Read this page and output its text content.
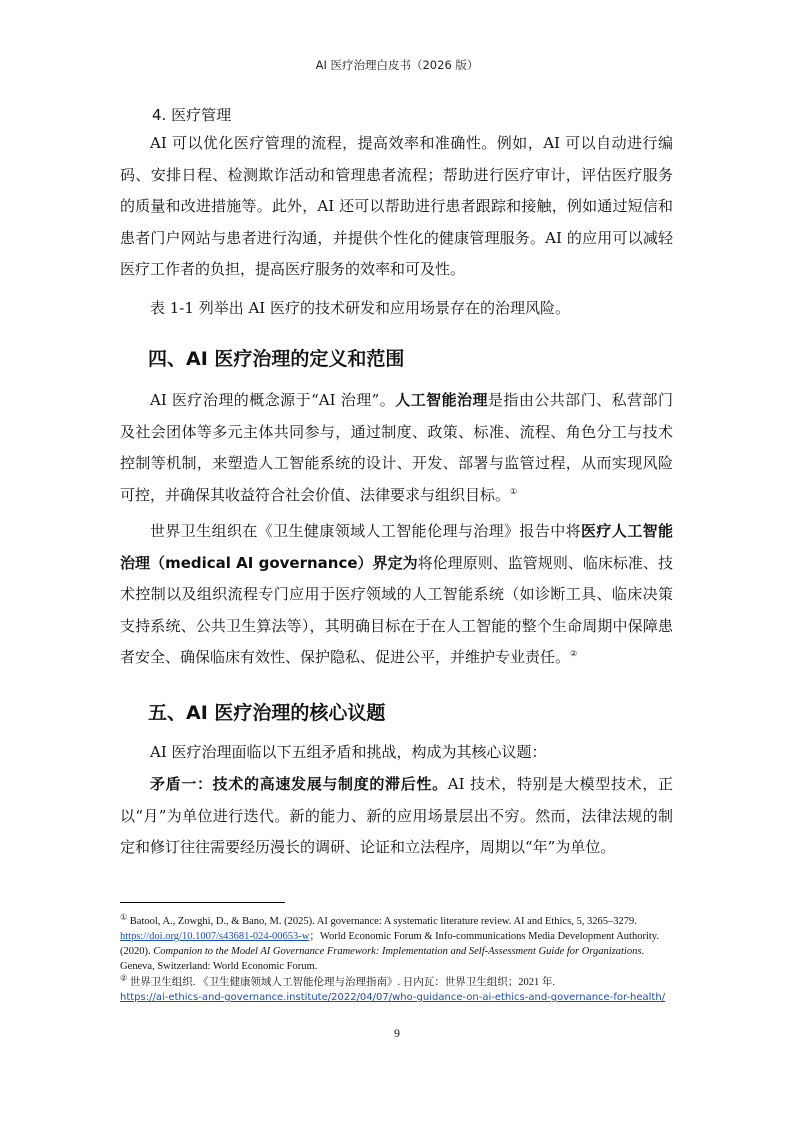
AI 医疗治理白皮书（2026 版）
4. 医疗管理

AI 可以优化医疗管理的流程，提高效率和准确性。例如，AI 可以自动进行编码、安排日程、检测欺诈活动和管理患者流程；帮助进行医疗审计，评估医疗服务的质量和改进措施等。此外，AI 还可以帮助进行患者跟踪和接触，例如通过短信和患者门户网站与患者进行沟通，并提供个性化的健康管理服务。AI 的应用可以减轻医疗工作者的负担，提高医疗服务的效率和可及性。

表 1-1 列举出 AI 医疗的技术研发和应用场景存在的治理风险。

四、AI 医疗治理的定义和范围

AI 医疗治理的概念源于“AI 治理”。人工智能治理是指由公共部门、私营部门及社会团体等多元主体共同参与，通过制度、政策、标准、流程、角色分工与技术控制等机制，来塑造人工智能系统的设计、开发、部署与监管过程，从而实现风险可控，并确保其收益符合社会价值、法律要求与组织目标。①

世界卫生组织在《卫生健康领域人工智能伦理与治理》报告中将医疗人工智能治理（medical AI governance）界定为将伦理原则、监管规则、临床标准、技术控制以及组织流程专门应用于医疗领域的人工智能系统（如诊断工具、临床决策支持系统、公共卫生算法等），其明确目标在于在人工智能的整个生命周期中保障患者安全、确保临床有效性、保护隐私、促进公平，并维护专业责任。②

五、AI 医疗治理的核心议题

AI 医疗治理面临以下五组矛盾和挑战，构成为其核心议题：

矛盾一：技术的高速发展与制度的滞后性。AI 技术，特别是大模型技术，正以“月”为单位进行迭代。新的能力、新的应用场景层出不穷。然而，法律法规的制定和修订往往需要经历漫长的调研、论证和立法程序，周期以“年”为单位。

① Batool, A., Zowghi, D., & Bano, M. (2025). AI governance: A systematic literature review. AI and Ethics, 5, 3265–3279. https://doi.org/10.1007/s43681-024-00653-w；World Economic Forum & Info-communications Media Development Authority. (2020). Companion to the Model AI Governance Framework: Implementation and Self-Assessment Guide for Organizations. Geneva, Switzerland: World Economic Forum.

② 世界卫生组织. 《卫生健康领域人工智能伦理与治理指南》. 日内瓦：世界卫生组织；2021 年.
https://ai-ethics-and-governance.institute/2022/04/07/who-guidance-on-ai-ethics-and-governance-for-health/

9
